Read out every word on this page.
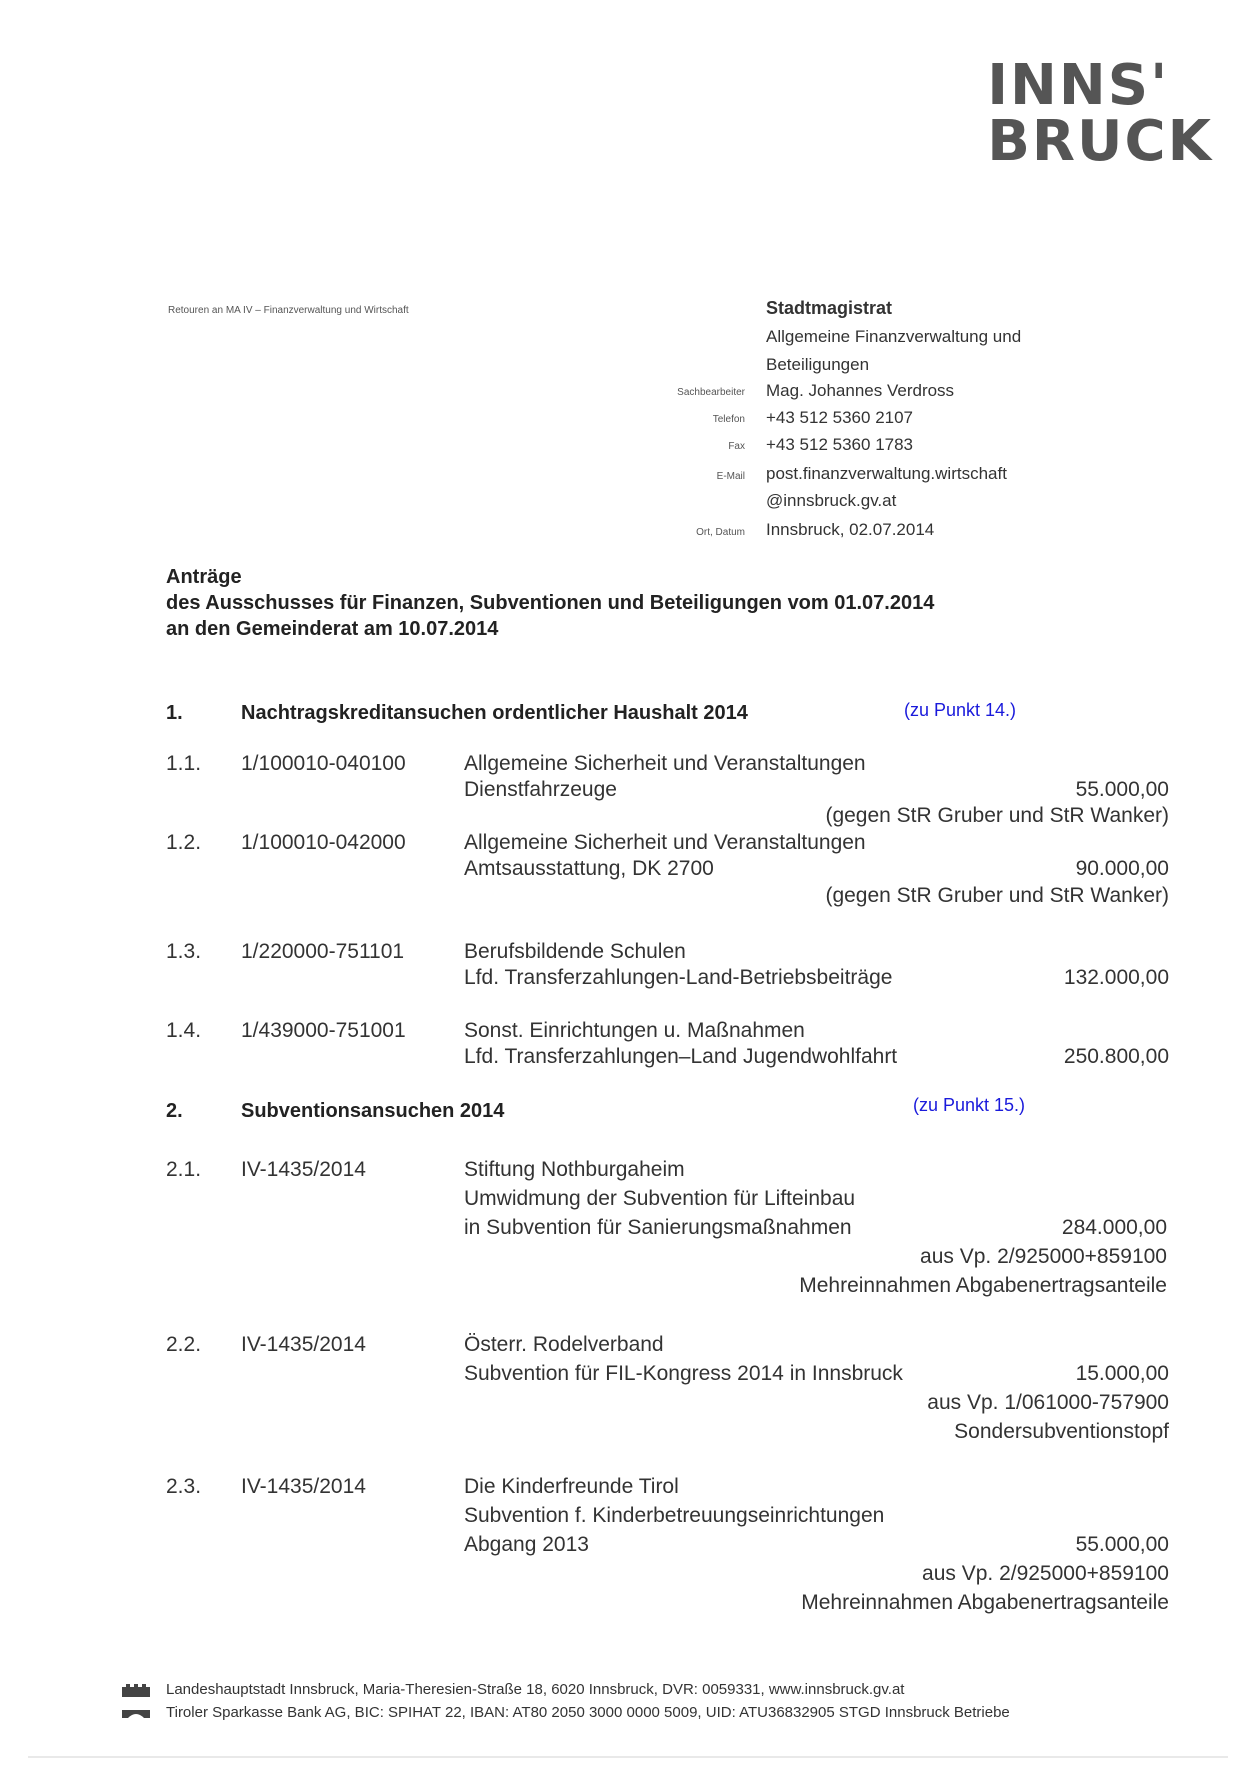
INNS'
BRUCK
Retouren an MA IV – Finanzverwaltung und Wirtschaft	Stadtmagistrat
Allgemeine Finanzverwaltung und
Beteiligungen
Sachbearbeiter Mag. Johannes Verdross
Telefon +43 512 5360 2107
Fax +43 512 5360 1783
E-Mail post.finanzverwaltung.wirtschaft
@innsbruck.gv.at
Ort, Datum Innsbruck, 02.07.2014
Anträge
des Ausschusses für Finanzen, Subventionen und Beteiligungen vom 01.07.2014
an den Gemeinderat am 10.07.2014
1.	Nachtragskreditansuchen ordentlicher Haushalt 2014	(zu Punkt 14.)
1.1. 1/100010-040100	Allgemeine Sicherheit und Veranstaltungen
Dienstfahrzeuge	55.000,00
(gegen StR Gruber und StR Wanker)
1.2. 1/100010-042000	Allgemeine Sicherheit und Veranstaltungen
Amtsausstattung, DK 2700	90.000,00
(gegen StR Gruber und StR Wanker)
1.3. 1/220000-751101	Berufsbildende Schulen
Lfd. Transferzahlungen-Land-Betriebsbeiträge	132.000,00
1.4. 1/439000-751001	Sonst. Einrichtungen u. Maßnahmen
Lfd. Transferzahlungen–Land Jugendwohlfahrt	250.800,00
2.	Subventionsansuchen 2014	(zu Punkt 15.)
2.1. IV-1435/2014	Stiftung Nothburgaheim
Umwidmung der Subvention für Lifteinbau
in Subvention für Sanierungsmaßnahmen	284.000,00
aus Vp. 2/925000+859100
Mehreinnahmen Abgabenertragsanteile
2.2. IV-1435/2014	Österr. Rodelverband
Subvention für FIL-Kongress 2014 in Innsbruck	15.000,00
aus Vp. 1/061000-757900
Sondersubventionstopf
2.3. IV-1435/2014	Die Kinderfreunde Tirol
Subvention f. Kinderbetreuungseinrichtungen
Abgang 2013	55.000,00
aus Vp. 2/925000+859100
Mehreinnahmen Abgabenertragsanteile
Landeshauptstadt Innsbruck, Maria-Theresien-Straße 18, 6020 Innsbruck, DVR: 0059331, www.innsbruck.gv.at
Tiroler Sparkasse Bank AG, BIC: SPIHAT 22, IBAN: AT80 2050 3000 0000 5009, UID: ATU36832905 STGD Innsbruck Betriebe
